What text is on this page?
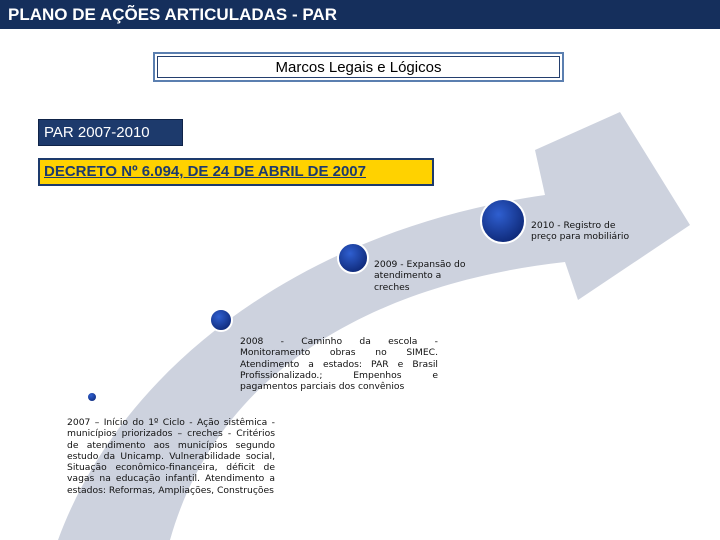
PLANO DE AÇÕES ARTICULADAS - PAR
Marcos Legais e Lógicos
PAR 2007-2010
DECRETO Nº 6.094, DE 24 DE ABRIL DE 2007
2010 - Registro de preço para mobiliário
2009 - Expansão do atendimento a creches
2008 - Caminho da escola - Monitoramento obras no SIMEC. Atendimento a estados: PAR e Brasil Profissionalizado.; Empenhos e pagamentos parciais dos convênios
2007 – Início do 1º Ciclo - Ação sistêmica - municípios priorizados – creches - Critérios de atendimento aos municípios segundo estudo da Unicamp. Vulnerabilidade social, Situação econômico-financeira, déficit de vagas na educação infantil. Atendimento a estados: Reformas, Ampliações, Construções
